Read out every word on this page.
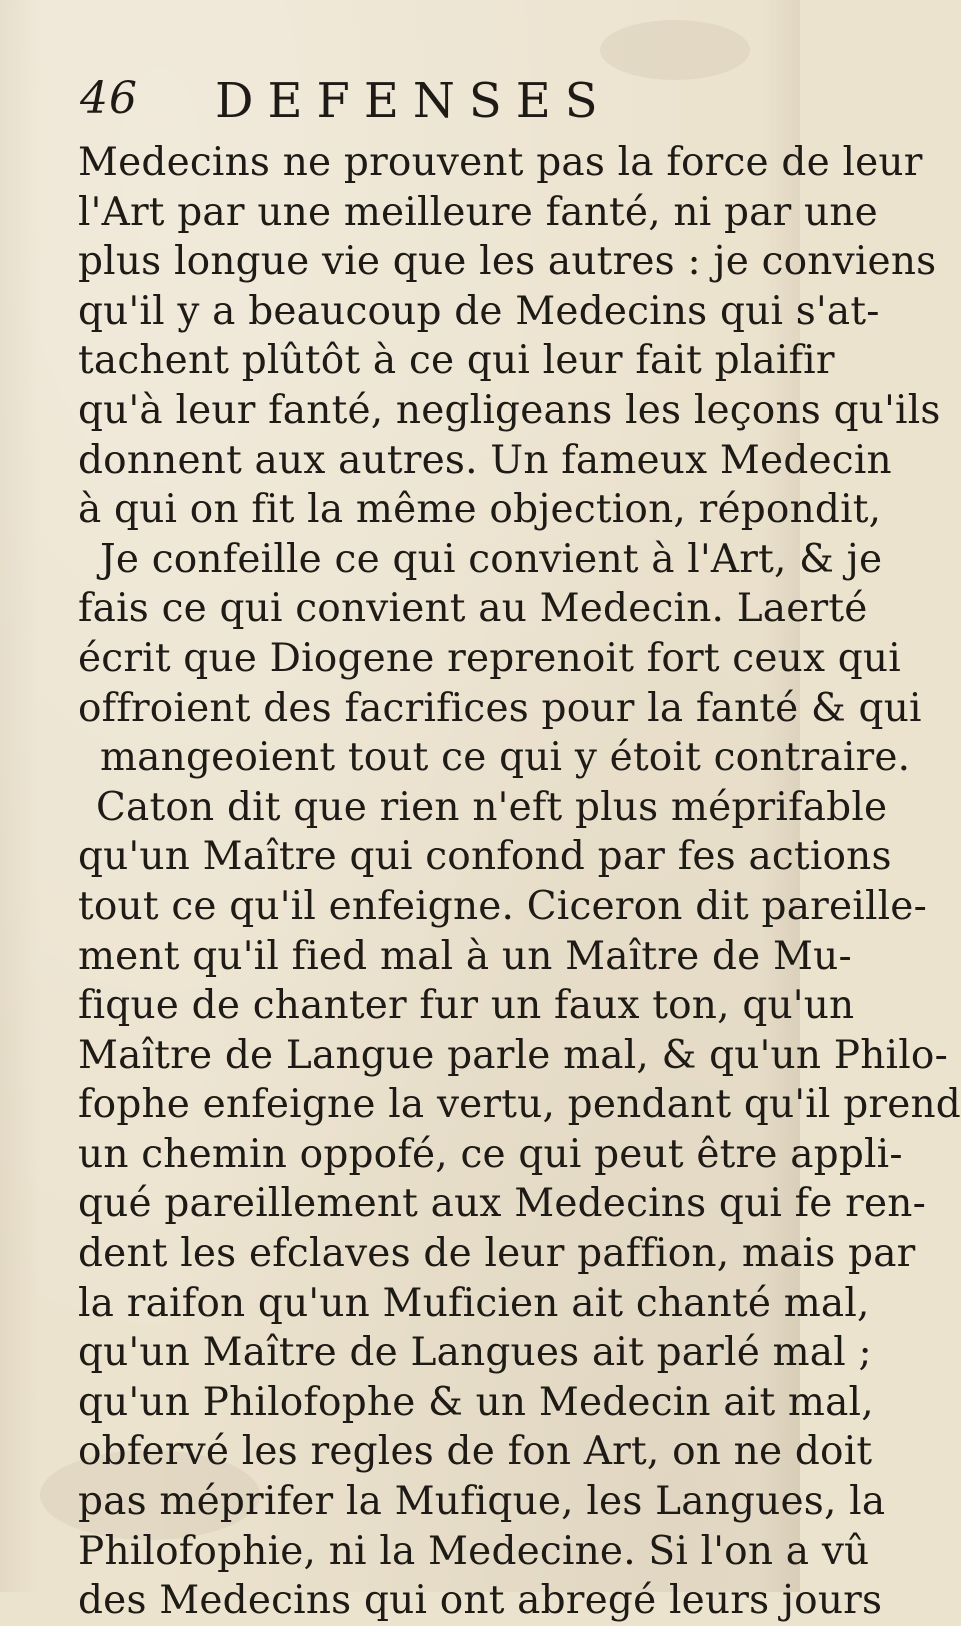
46 DEFENSES
Medecins ne prouvent pas la force de leur
l'Art par une meilleure fanté, ni par une
plus longue vie que les autres : je conviens
qu'il y a beaucoup de Medecins qui s'at-
tachent plûtôt à ce qui leur fait plaifir
qu'à leur fanté, negligeans les leçons qu'ils
donnent aux autres. Un fameux Medecin
à qui on fit la même objection, répondit,
Je confeille ce qui convient à l'Art, & je
fais ce qui convient au Medecin. Laerté
écrit que Diogene reprenoit fort ceux qui
offroient des facrifices pour la fanté & qui
mangeoient tout ce qui y étoit contraire.
Caton dit que rien n'eft plus méprifable
qu'un Maître qui confond par fes actions
tout ce qu'il enfeigne. Ciceron dit pareille-
ment qu'il fied mal à un Maître de Mu-
fique de chanter fur un faux ton, qu'un
Maître de Langue parle mal, & qu'un Philo-
fophe enfeigne la vertu, pendant qu'il prend
un chemin oppofé, ce qui peut être appli-
qué pareillement aux Medecins qui fe ren-
dent les efclaves de leur paffion, mais par
la raifon qu'un Muficien ait chanté mal,
qu'un Maître de Langues ait parlé mal ;
qu'un Philofophe & un Medecin ait mal,
obfervé les regles de fon Art, on ne doit
pas méprifer la Mufique, les Langues, la
Philofophie, ni la Medecine. Si l'on a vû
des Medecins qui ont abregé leurs jours
